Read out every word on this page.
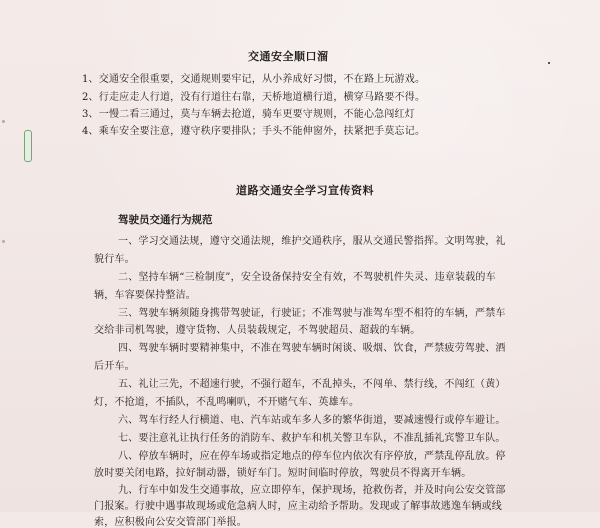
交通安全顺口溜
1、交通安全很重要，交通规则要牢记，从小养成好习惯，不在路上玩游戏。
2、行走应走人行道，没有行道往右靠，天桥地道横行道，横穿马路要不得。
3、一慢二看三通过，莫与车辆去抢道，骑车更要守规则，不能心急闯红灯
4、乘车安全要注意，遵守秩序要排队；手头不能伸窗外，扶紧把手莫忘记。
道路交通安全学习宣传资料
驾驶员交通行为规范
一、学习交通法规，遵守交通法规，维护交通秩序，服从交通民警指挥。文明驾驶，礼
貌行车。
二、坚持车辆“三检制度”，安全设备保持安全有效，不驾驶机件失灵、违章装载的车
辆，车容要保持整洁。
三、驾驶车辆须随身携带驾驶证，行驶证；不准驾驶与准驾车型不相符的车辆，严禁车
交给非司机驾驶，遵守货物、人员装载规定，不驾驶超员、超载的车辆。
四、驾驶车辆时要精神集中，不准在驾驶车辆时闲谈、吸烟、饮食，严禁疲劳驾驶、酒
后开车。
五、礼让三先，不超速行驶，不强行超车，不乱掉头，不闯单、禁行线，不闯红（黄）
灯，不抢道，不插队，不乱鸣喇叭，不开赌气车、英雄车。
六、驾车行经人行横道、电、汽车站或车多人多的繁华街道，要减速慢行或停车避让。
七、要注意礼让执行任务的消防车、救护车和机关警卫车队，不准乱插礼宾警卫车队。
八、停放车辆时，应在停车场或指定地点的停车位内依次有序停放，严禁乱停乱放。停
放时要关闭电路，拉好制动器，锁好车门。短时间临时停放，驾驶员不得离开车辆。
九、行车中如发生交通事故，应立即停车，保护现场，抢救伤者，并及时向公安交管部
门报案。行驶中遇事故现场或危急病人时，应主动给予帮助。发现或了解事故逃逸车辆或线
索，应积极向公安交管部门举报。
